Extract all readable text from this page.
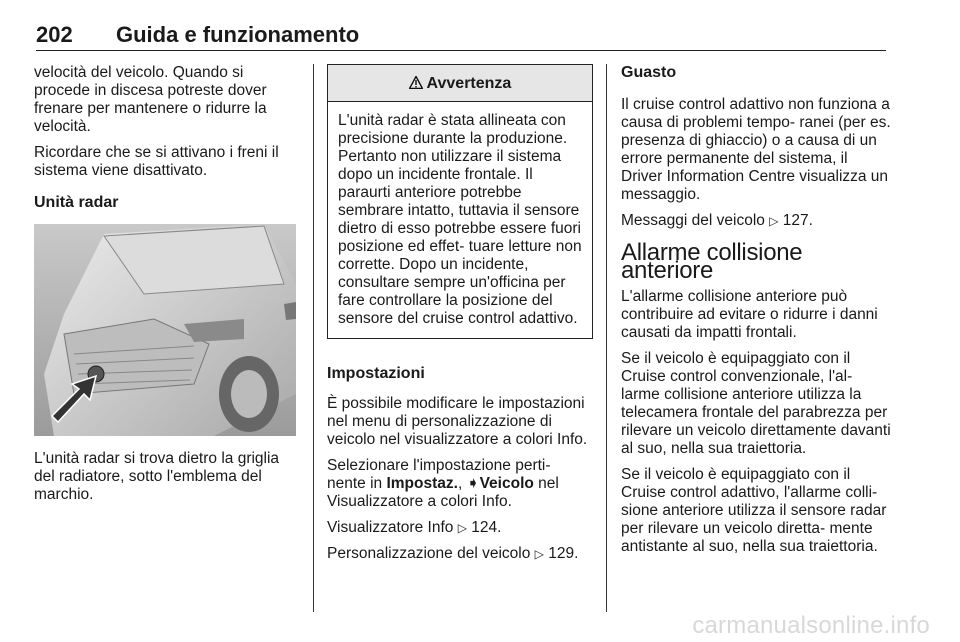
202 Guida e funzionamento

velocità del veicolo. Quando si procede in discesa potreste dover frenare per mantenere o ridurre la velocità.

Ricordare che se si attivano i freni il sistema viene disattivato.

Unità radar

L'unità radar si trova dietro la griglia del radiatore, sotto l'emblema del marchio.

Avvertenza
L'unità radar è stata allineata con precisione durante la produzione. Pertanto non utilizzare il sistema dopo un incidente frontale. Il paraurti anteriore potrebbe sembrare intatto, tuttavia il sensore dietro di esso potrebbe essere fuori posizione ed effet- tuare letture non corrette. Dopo un incidente, consultare sempre un'officina per fare controllare la posizione del sensore del cruise control adattivo.
Impostazioni

È possibile modificare le impostazioni nel menu di personalizzazione di veicolo nel visualizzatore a colori Info.

Selezionare l'impostazione perti- nente in Impostaz., ➧Veicolo nel Visualizzatore a colori Info.

Visualizzatore Info ▷ 124.

Personalizzazione del veicolo ▷ 129.

Guasto

Il cruise control adattivo non funziona a causa di problemi tempo- ranei (per es. presenza di ghiaccio) o a causa di un errore permanente del sistema, il Driver Information Centre visualizza un messaggio.

Messaggi del veicolo ▷ 127.

Allarme collisione anteriore

L'allarme collisione anteriore può contribuire ad evitare o ridurre i danni causati da impatti frontali.

Se il veicolo è equipaggiato con il Cruise control convenzionale, l'al- larme collisione anteriore utilizza la telecamera frontale del parabrezza per rilevare un veicolo direttamente davanti al suo, nella sua traiettoria.

Se il veicolo è equipaggiato con il Cruise control adattivo, l'allarme colli- sione anteriore utilizza il sensore radar per rilevare un veicolo diretta- mente antistante al suo, nella sua traiettoria.

carmanualsonline.info
